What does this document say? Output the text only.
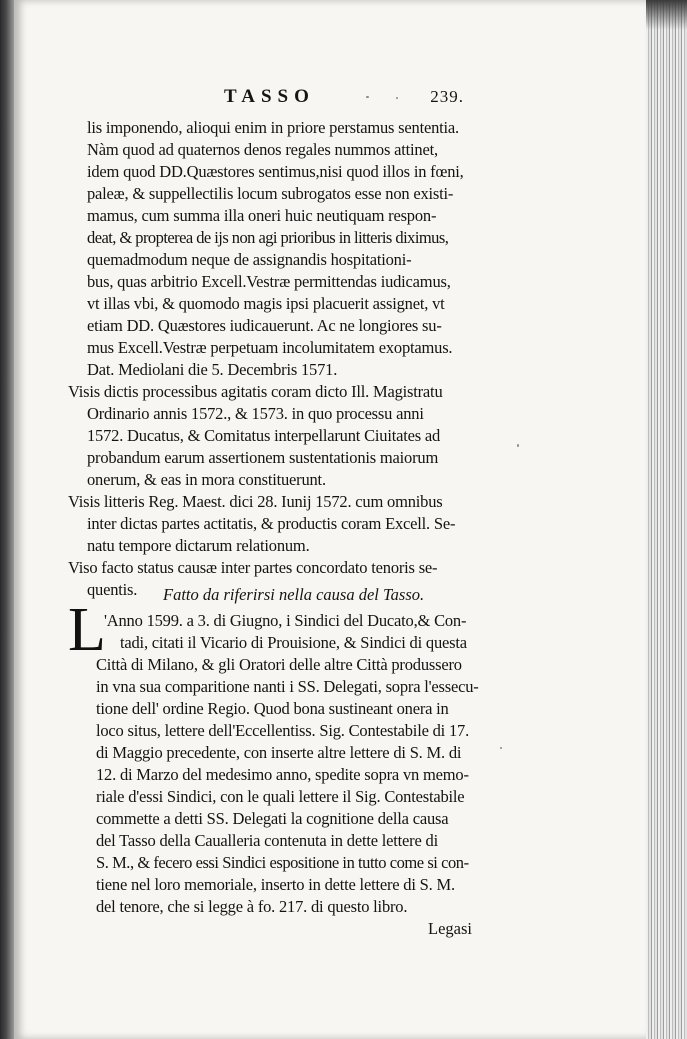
TASSO	239.
lis imponendo, alioqui enim in priore perstamus sententia.
Nàm quod ad quaternos denos regales nummos attinet,
idem quod DD.Quæstores sentimus,nisi quod illos in fœni,
paleæ, & suppellectilis locum subrogatos esse non existi-
mamus, cum summa illa oneri huic neutiquam respon-
deat, & propterea de ijs non agi prioribus in litteris diximus,
quemadmodum neque de assignandis hospitationi-
bus, quas arbitrio Excell.Vestræ permittendas iudicamus,
vt illas vbi, & quomodo magis ipsi placuerit assignet, vt
etiam DD. Quæstores iudicauerunt. Ac ne longiores su-
mus Excell.Vestræ perpetuam incolumitatem exoptamus.
Dat. Mediolani die 5. Decembris 1571.
Visis dictis processibus agitatis coram dicto Ill. Magistratu
Ordinario annis 1572., & 1573. in quo processu anni
1572. Ducatus, & Comitatus interpellarunt Ciuitates ad
probandum earum assertionem sustentationis maiorum
onerum, & eas in mora constituerunt.
Visis litteris Reg. Maest. dici 28. Iunij 1572. cum omnibus
inter dictas partes actitatis, & productis coram Excell. Se-
natu tempore dictarum relationum.
Viso facto status causæ inter partes concordato tenoris se-
quentis. Fatto da riferirsi nella causa del Tasso.
L
'Anno 1599. a 3. di Giugno, i Sindici del Ducato,& Con-
tadi, citati il Vicario di Prouisione, & Sindici di questa
Città di Milano, & gli Oratori delle altre Città produssero
in vna sua comparitione nanti i SS. Delegati, sopra l'essecu-
tione dell' ordine Regio. Quod bona sustineant onera in
loco situs, lettere dell'Eccellentiss. Sig. Contestabile di 17.
di Maggio precedente, con inserte altre lettere di S. M. di
12. di Marzo del medesimo anno, spedite sopra vn memo-
riale d'essi Sindici, con le quali lettere il Sig. Contestabile
commette a detti SS. Delegati la cognitione della causa
del Tasso della Caualleria contenuta in dette lettere di
S. M., & fecero essi Sindici espositione in tutto come si con-
tiene nel loro memoriale, inserto in dette lettere di S. M.
del tenore, che si legge à fo. 217. di questo libro.
Legasi
